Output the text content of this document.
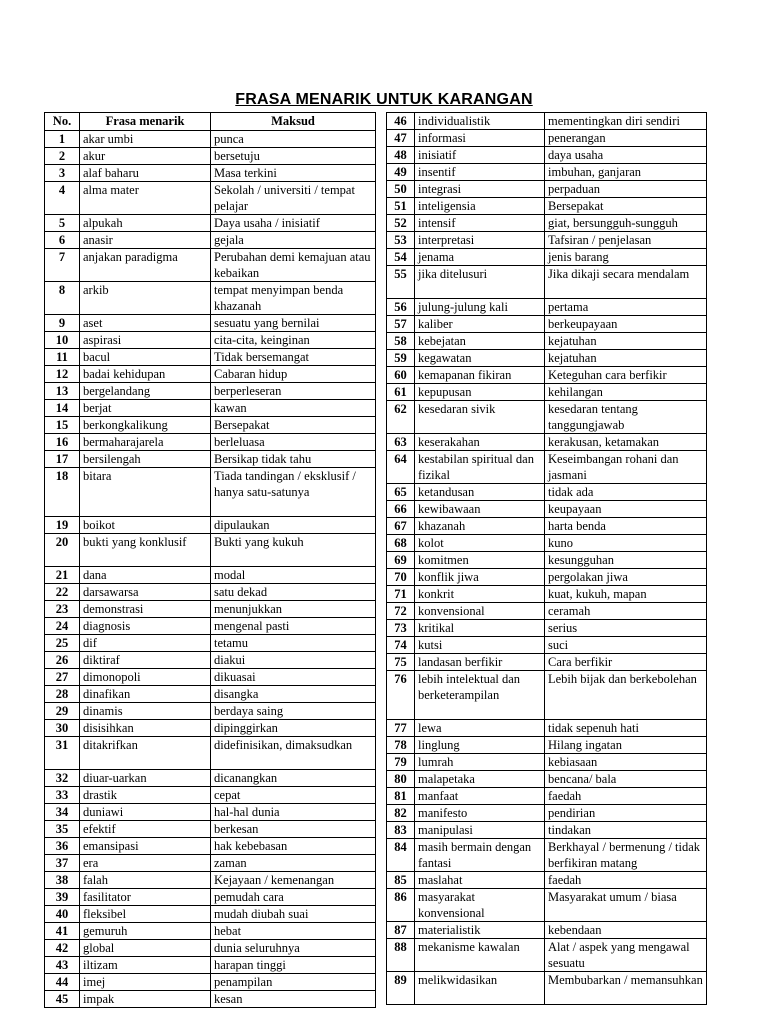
FRASA MENARIK UNTUK KARANGAN
No.	Frasa menarik	Maksud
1	akar umbi	punca
2	akur	bersetuju
3	alaf baharu	Masa terkini
4	alma mater	Sekolah / universiti / tempat pelajar
5	alpukah	Daya usaha / inisiatif
6	anasir	gejala
7	anjakan paradigma	Perubahan demi kemajuan atau kebaikan
8	arkib	tempat menyimpan benda khazanah
9	aset	sesuatu yang bernilai
10	aspirasi	cita-cita, keinginan
11	bacul	Tidak bersemangat
12	badai kehidupan	Cabaran hidup
13	bergelandang	berperleseran
14	berjat	kawan
15	berkongkalikung	Bersepakat
16	bermaharajarela	berleluasa
17	bersilengah	Bersikap tidak tahu
18	bitara	Tiada tandingan / eksklusif / hanya satu-satunya
19	boikot	dipulaukan
20	bukti yang konklusif	Bukti yang kukuh
21	dana	modal
22	darsawarsa	satu dekad
23	demonstrasi	menunjukkan
24	diagnosis	mengenal pasti
25	dif	tetamu
26	diktiraf	diakui
27	dimonopoli	dikuasai
28	dinafikan	disangka
29	dinamis	berdaya saing
30	disisihkan	dipinggirkan
31	ditakrifkan	didefinisikan, dimaksudkan
32	diuar-uarkan	dicanangkan
33	drastik	cepat
34	duniawi	hal-hal dunia
35	efektif	berkesan
36	emansipasi	hak kebebasan
37	era	zaman
38	falah	Kejayaan / kemenangan
39	fasilitator	pemudah cara
40	fleksibel	mudah diubah suai
41	gemuruh	hebat
42	global	dunia seluruhnya
43	iltizam	harapan tinggi
44	imej	penampilan
45	impak	kesan
46	individualistik	mementingkan diri sendiri
47	informasi	penerangan
48	inisiatif	daya usaha
49	insentif	imbuhan, ganjaran
50	integrasi	perpaduan
51	inteligensia	Bersepakat
52	intensif	giat, bersungguh-sungguh
53	interpretasi	Tafsiran / penjelasan
54	jenama	jenis barang
55	jika ditelusuri	Jika dikaji secara mendalam
56	julung-julung kali	pertama
57	kaliber	berkeupayaan
58	kebejatan	kejatuhan
59	kegawatan	kejatuhan
60	kemapanan fikiran	Keteguhan cara berfikir
61	kepupusan	kehilangan
62	kesedaran sivik	kesedaran tentang tanggungjawab
63	keserakahan	kerakusan, ketamakan
64	kestabilan spiritual dan fizikal	Keseimbangan rohani dan jasmani
65	ketandusan	tidak ada
66	kewibawaan	keupayaan
67	khazanah	harta benda
68	kolot	kuno
69	komitmen	kesungguhan
70	konflik jiwa	pergolakan jiwa
71	konkrit	kuat, kukuh, mapan
72	konvensional	ceramah
73	kritikal	serius
74	kutsi	suci
75	landasan berfikir	Cara berfikir
76	lebih intelektual dan berketerampilan	Lebih bijak dan berkebolehan
77	lewa	tidak sepenuh hati
78	linglung	Hilang ingatan
79	lumrah	kebiasaan
80	malapetaka	bencana/ bala
81	manfaat	faedah
82	manifesto	pendirian
83	manipulasi	tindakan
84	masih bermain dengan fantasi	Berkhayal / bermenung / tidak berfikiran matang
85	maslahat	faedah
86	masyarakat konvensional	Masyarakat umum / biasa
87	materialistik	kebendaan
88	mekanisme kawalan	Alat / aspek yang mengawal sesuatu
89	melikwidasikan	Membubarkan / memansuhkan
